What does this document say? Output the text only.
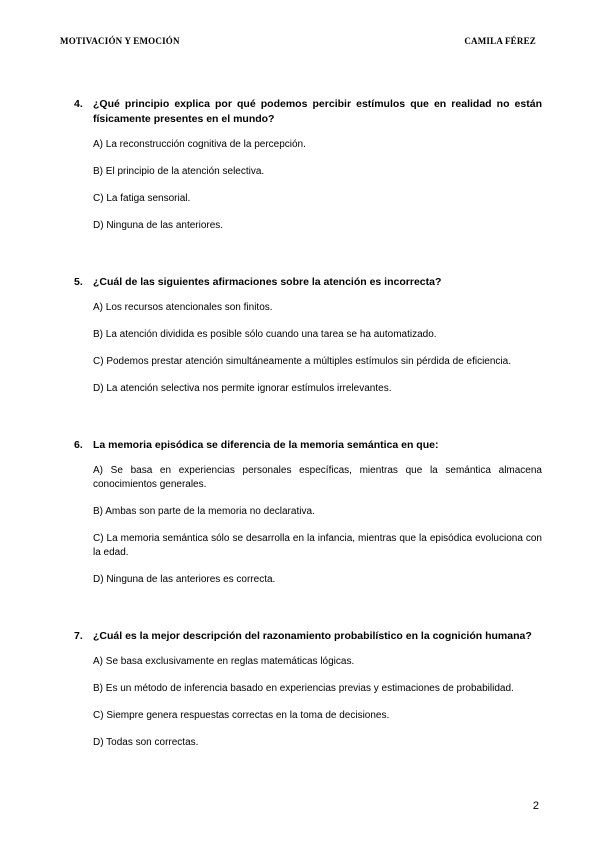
MOTIVACIÓN Y EMOCIÓN	CAMILA FÉREZ
4. ¿Qué principio explica por qué podemos percibir estímulos que en realidad no están físicamente presentes en el mundo?
A) La reconstrucción cognitiva de la percepción.
B) El principio de la atención selectiva.
C) La fatiga sensorial.
D) Ninguna de las anteriores.
5. ¿Cuál de las siguientes afirmaciones sobre la atención es incorrecta?
A) Los recursos atencionales son finitos.
B) La atención dividida es posible sólo cuando una tarea se ha automatizado.
C) Podemos prestar atención simultáneamente a múltiples estímulos sin pérdida de eficiencia.
D) La atención selectiva nos permite ignorar estímulos irrelevantes.
6. La memoria episódica se diferencia de la memoria semántica en que:
A) Se basa en experiencias personales específicas, mientras que la semántica almacena conocimientos generales.
B) Ambas son parte de la memoria no declarativa.
C) La memoria semántica sólo se desarrolla en la infancia, mientras que la episódica evoluciona con la edad.
D) Ninguna de las anteriores es correcta.
7. ¿Cuál es la mejor descripción del razonamiento probabilístico en la cognición humana?
A) Se basa exclusivamente en reglas matemáticas lógicas.
B) Es un método de inferencia basado en experiencias previas y estimaciones de probabilidad.
C) Siempre genera respuestas correctas en la toma de decisiones.
D) Todas son correctas.
2
